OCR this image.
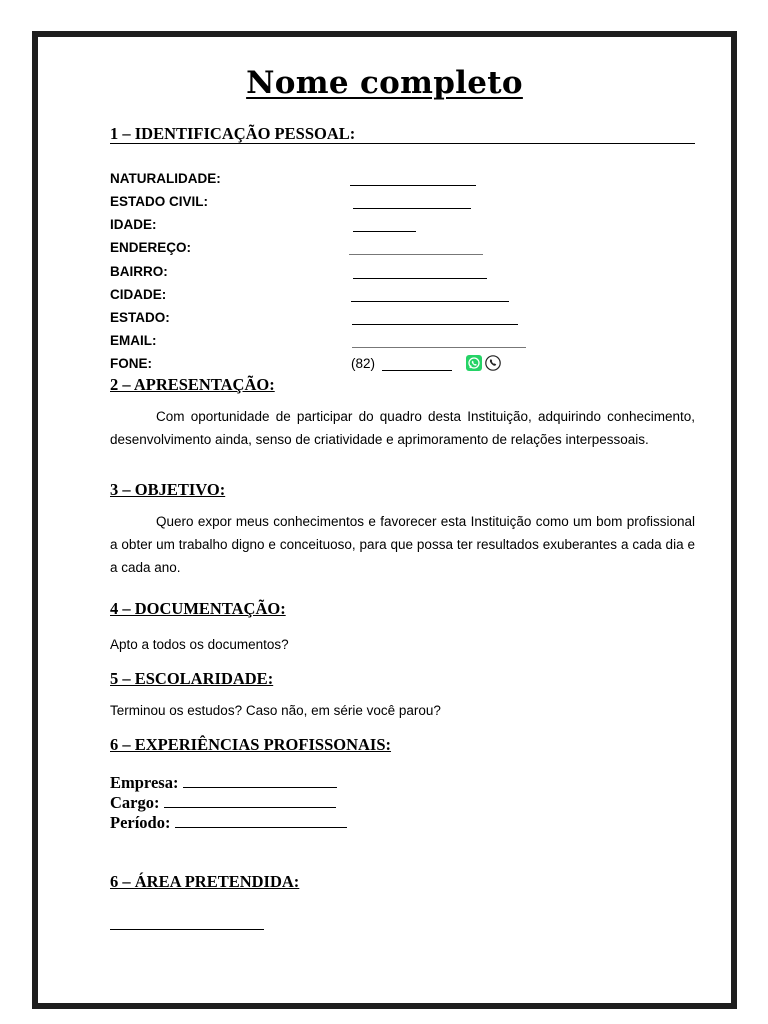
Nome completo
1 – IDENTIFICAÇÃO PESSOAL:
NATURALIDADE:
ESTADO CIVIL:
IDADE:
ENDEREÇO:
BAIRRO:
CIDADE:
ESTADO:
EMAIL:
FONE:	(82)
2 – APRESENTAÇÃO:
Com oportunidade de participar do quadro desta Instituição, adquirindo conhecimento, desenvolvimento ainda, senso de criatividade e aprimoramento de relações interpessoais.
3 – OBJETIVO:
Quero expor meus conhecimentos e favorecer esta Instituição como um bom profissional a obter um trabalho digno e conceituoso, para que possa ter resultados exuberantes a cada dia e a cada ano.
4 – DOCUMENTAÇÃO:
Apto a todos os documentos?
5 – ESCOLARIDADE:
Terminou os estudos? Caso não, em série você parou?
6 – EXPERIÊNCIAS PROFISSONAIS:
Empresa:
Cargo:
Período:
6 – ÁREA PRETENDIDA:
